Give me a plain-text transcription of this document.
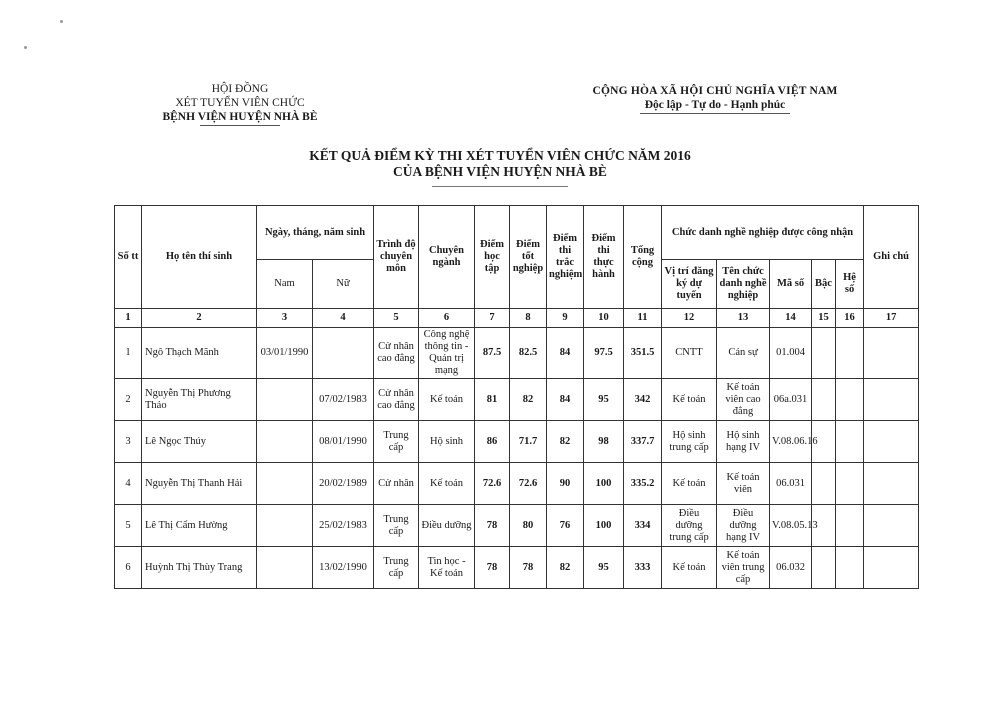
HỘI ĐỒNG
XÉT TUYỂN VIÊN CHỨC
BỆNH VIỆN HUYỆN NHÀ BÈ
CỘNG HÒA XÃ HỘI CHỦ NGHĨA VIỆT NAM
Độc lập - Tự do - Hạnh phúc
KẾT QUẢ ĐIỂM KỲ THI XÉT TUYỂN VIÊN CHỨC NĂM 2016
CỦA BỆNH VIỆN HUYỆN NHÀ BÈ
Số tt	Họ tên thí sinh	Ngày, tháng, năm sinh		Trình độ chuyên môn	Chuyên ngành	Điểm học tập	Điểm tốt nghiệp	Điểm thi trắc nghiệm	Điểm thi thực hành	Tổng cộng	Chức danh nghề nghiệp được công nhận					Ghi chú
		Nam	Nữ								Vị trí đăng ký dự tuyển	Tên chức danh nghề nghiệp	Mã số	Bậc	Hệ số	
1	2	3	4	5	6	7	8	9	10	11	12	13	14	15	16	17
1	Ngô Thạch Mãnh	03/01/1990		Cử nhân cao đẳng	Công nghệ thông tin - Quản trị mạng	87.5	82.5	84	97.5	351.5	CNTT	Cán sự	01.004			
2	Nguyễn Thị Phương Thảo		07/02/1983	Cử nhân cao đẳng	Kế toán	81	82	84	95	342	Kế toán	Kế toán viên cao đẳng	06a.031			
3	Lê Ngọc Thúy		08/01/1990	Trung cấp	Hộ sinh	86	71.7	82	98	337.7	Hộ sinh trung cấp	Hộ sinh hạng IV	V.08.06.16			
4	Nguyễn Thị Thanh Hải		20/02/1989	Cử nhân	Kế toán	72.6	72.6	90	100	335.2	Kế toán	Kế toán viên	06.031			
5	Lê Thị Cẩm Hường		25/02/1983	Trung cấp	Điều dưỡng	78	80	76	100	334	Điều dưỡng trung cấp	Điều dưỡng hạng IV	V.08.05.13			
6	Huỳnh Thị Thùy Trang		13/02/1990	Trung cấp	Tin học - Kế toán	78	78	82	95	333	Kế toán	Kế toán viên trung cấp	06.032			
